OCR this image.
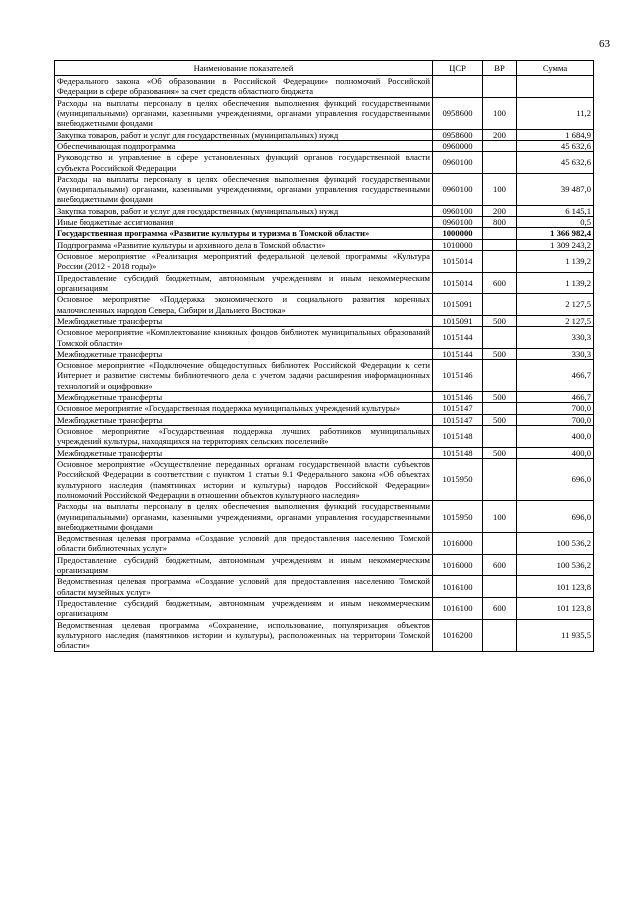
63
Наименование показателей	ЦСР	ВР	Сумма
Федерального закона «Об образовании в Российской Федерации» полномочий Российской Федерации в сфере образования» за счет средств областного бюджета			
Расходы на выплаты персоналу в целях обеспечения выполнения функций государственными (муниципальными) органами, казенными учреждениями, органами управления государственными внебюджетными фондами	0958600	100	11,2
Закупка товаров, работ и услуг для государственных (муниципальных) нужд	0958600	200	1 684,9
Обеспечивающая подпрограмма	0960000		45 632,6
Руководство и управление в сфере установленных функций органов государственной власти субъекта Российской Федерации	0960100		45 632,6
Расходы на выплаты персоналу в целях обеспечения выполнения функций государственными (муниципальными) органами, казенными учреждениями, органами управления государственными внебюджетными фондами	0960100	100	39 487,0
Закупка товаров, работ и услуг для государственных (муниципальных) нужд	0960100	200	6 145,1
Иные бюджетные ассигнования	0960100	800	0,5
Государственная программа «Развитие культуры и туризма в Томской области»	1000000		1 366 982,4
Подпрограмма «Развитие культуры и архивного дела в Томской области»	1010000		1 309 243,2
Основное мероприятие «Реализация мероприятий федеральной целевой программы «Культура России (2012 - 2018 годы)»	1015014		1 139,2
Предоставление субсидий бюджетным, автономным учреждениям и иным некоммерческим организациям	1015014	600	1 139,2
Основное мероприятие «Поддержка экономического и социального развития коренных малочисленных народов Севера, Сибири и Дальнего Востока»	1015091		2 127,5
Межбюджетные трансферты	1015091	500	2 127,5
Основное мероприятие «Комплектование книжных фондов библиотек муниципальных образований Томской области»	1015144		330,3
Межбюджетные трансферты	1015144	500	330,3
Основное мероприятие «Подключение общедоступных библиотек Российской Федерации к сети Интернет и развитие системы библиотечного дела с учетом задачи расширения информационных технологий и оцифровки»	1015146		466,7
Межбюджетные трансферты	1015146	500	466,7
Основное мероприятие «Государственная поддержка муниципальных учреждений культуры»	1015147		700,0
Межбюджетные трансферты	1015147	500	700,0
Основное мероприятие «Государственная поддержка лучших работников муниципальных учреждений культуры, находящихся на территориях сельских поселений»	1015148		400,0
Межбюджетные трансферты	1015148	500	400,0
Основное мероприятие «Осуществление переданных органам государственной власти субъектов Российской Федерации в соответствии с пунктом 1 статьи 9.1 Федерального закона «Об объектах культурного наследия (памятниках истории и культуры) народов Российской Федерации» полномочий Российской Федерации в отношении объектов культурного наследия»	1015950		696,0
Расходы на выплаты персоналу в целях обеспечения выполнения функций государственными (муниципальными) органами, казенными учреждениями, органами управления государственными внебюджетными фондами	1015950	100	696,0
Ведомственная целевая программа «Создание условий для предоставления населению Томской области библиотечных услуг»	1016000		100 536,2
Предоставление субсидий бюджетным, автономным учреждениям и иным некоммерческим организациям	1016000	600	100 536,2
Ведомственная целевая программа «Создание условий для предоставления населению Томской области музейных услуг»	1016100		101 123,8
Предоставление субсидий бюджетным, автономным учреждениям и иным некоммерческим организациям	1016100	600	101 123,8
Ведомственная целевая программа «Сохранение, использование, популяризация объектов культурного наследия (памятников истории и культуры), расположенных на территории Томской области»	1016200		11 935,5
